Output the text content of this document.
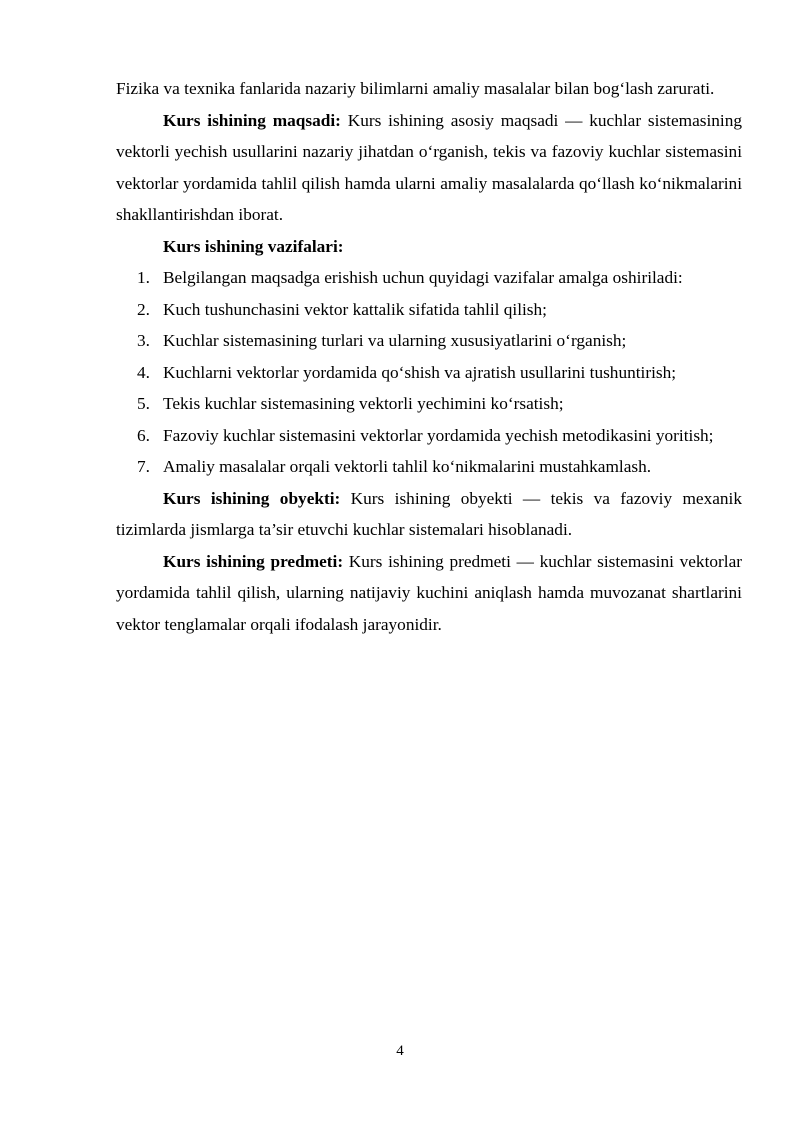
Fizika va texnika fanlarida nazariy bilimlarni amaliy masalalar bilan bog‘lash zarurati.

Kurs ishining maqsadi: Kurs ishining asosiy maqsadi — kuchlar sistemasining vektorli yechish usullarini nazariy jihatdan o‘rganish, tekis va fazoviy kuchlar sistemasini vektorlar yordamida tahlil qilish hamda ularni amaliy masalalarda qo‘llash ko‘nikmalarini shakllantirishdan iborat.

Kurs ishining vazifalari:

1. Belgilangan maqsadga erishish uchun quyidagi vazifalar amalga oshiriladi:
2. Kuch tushunchasini vektor kattalik sifatida tahlil qilish;
3. Kuchlar sistemasining turlari va ularning xususiyatlarini o‘rganish;
4. Kuchlarni vektorlar yordamida qo‘shish va ajratish usullarini tushuntirish;
5. Tekis kuchlar sistemasining vektorli yechimini ko‘rsatish;
6. Fazoviy kuchlar sistemasini vektorlar yordamida yechish metodikasini yoritish;
7. Amaliy masalalar orqali vektorli tahlil ko‘nikmalarini mustahkamlash.

Kurs ishining obyekti: Kurs ishining obyekti — tekis va fazoviy mexanik tizimlarda jismlarga ta’sir etuvchi kuchlar sistemalari hisoblanadi.

Kurs ishining predmeti: Kurs ishining predmeti — kuchlar sistemasini vektorlar yordamida tahlil qilish, ularning natijaviy kuchini aniqlash hamda muvozanat shartlarini vektor tenglamalar orqali ifodalash jarayonidir.

4
